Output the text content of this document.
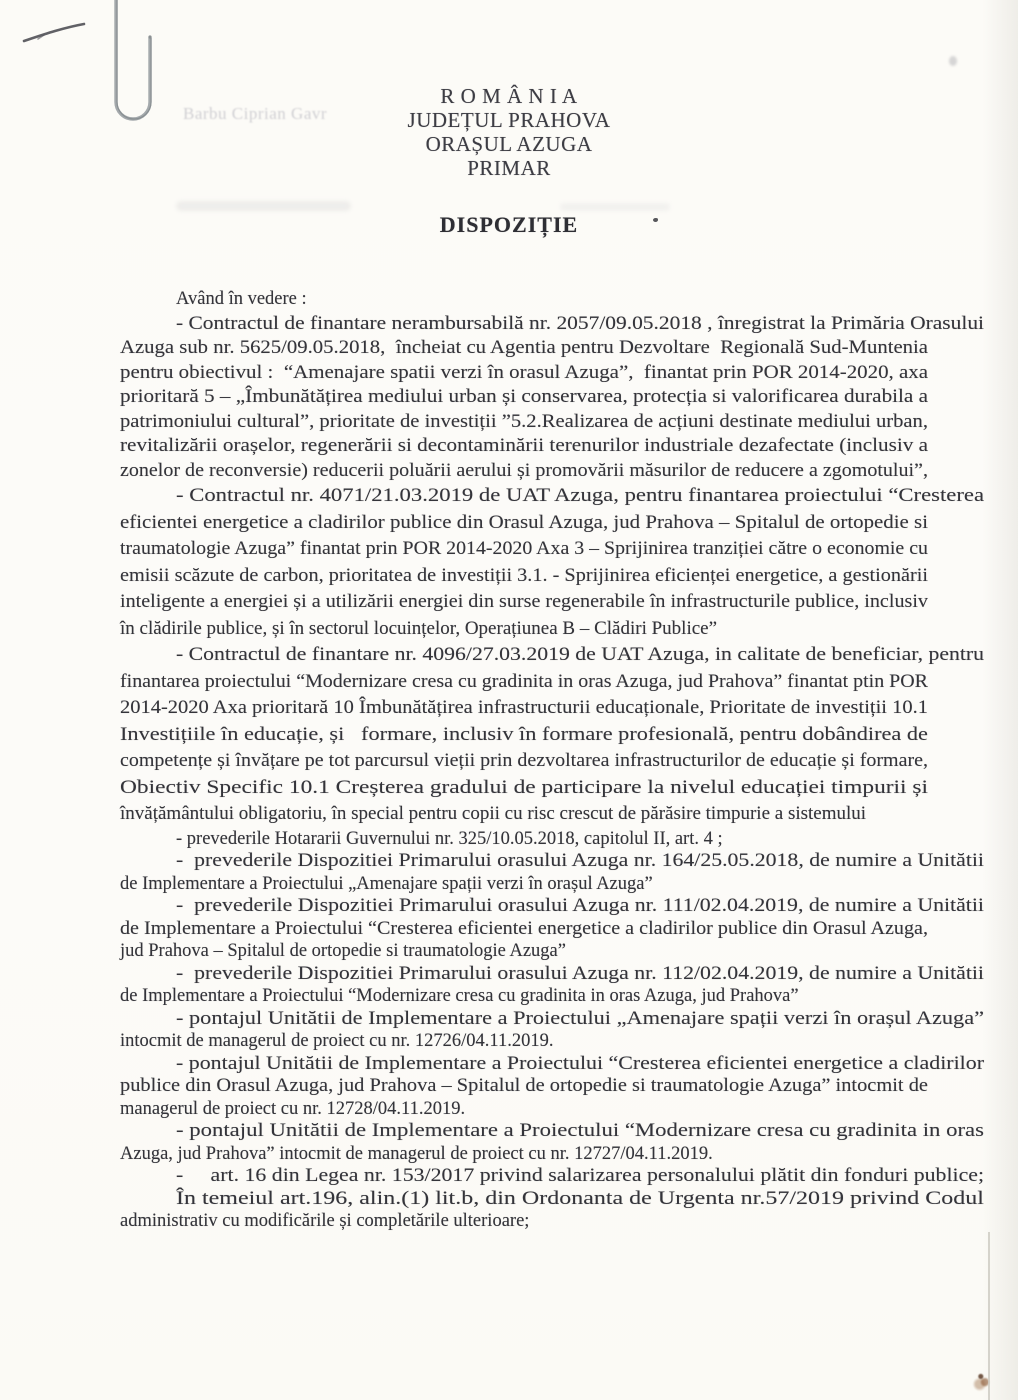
Barbu Ciprian Gavr
R O M Â N I A
JUDEȚUL PRAHOVA
ORAȘUL AZUGA
PRIMAR
DISPOZIȚIE
Având în vedere :
- Contractul de finantare nerambursabilă nr. 2057/09.05.2018 , înregistrat la Primăria Orasului
Azuga sub nr. 5625/09.05.2018,  încheiat cu Agentia pentru Dezvoltare  Regională Sud-Muntenia
pentru obiectivul :  “Amenajare spatii verzi în orasul Azuga”,  finantat prin POR 2014-2020, axa
prioritară 5 – „Îmbunătățirea mediului urban și conservarea, protecția si valorificarea durabila a
patrimoniului cultural”, prioritate de investiții ”5.2.Realizarea de acțiuni destinate mediului urban,
revitalizării orașelor, regenerării si decontaminării terenurilor industriale dezafectate (inclusiv a
zonelor de reconversie) reducerii poluării aerului și promovării măsurilor de reducere a zgomotului”,
- Contractul nr. 4071/21.03.2019 de UAT Azuga, pentru finantarea proiectului “Cresterea
eficientei energetice a cladirilor publice din Orasul Azuga, jud Prahova – Spitalul de ortopedie si
traumatologie Azuga” finantat prin POR 2014-2020 Axa 3 – Sprijinirea tranziției către o economie cu
emisii scăzute de carbon, prioritatea de investiții 3.1. - Sprijinirea eficienței energetice, a gestionării
inteligente a energiei și a utilizării energiei din surse regenerabile în infrastructurile publice, inclusiv
în clădirile publice, și în sectorul locuințelor, Operațiunea B – Clădiri Publice”
- Contractul de finantare nr. 4096/27.03.2019 de UAT Azuga, in calitate de beneficiar, pentru
finantarea proiectului “Modernizare cresa cu gradinita in oras Azuga, jud Prahova” finantat ptin POR
2014-2020 Axa prioritară 10 Îmbunătățirea infrastructurii educaționale, Prioritate de investiții 10.1
Investițiile în educație, și   formare, inclusiv în formare profesională, pentru dobândirea de
competențe și învățare pe tot parcursul vieții prin dezvoltarea infrastructurilor de educație și formare,
Obiectiv Specific 10.1 Creșterea gradului de participare la nivelul educației timpurii și
învățământului obligatoriu, în special pentru copii cu risc crescut de părăsire timpurie a sistemului
- prevederile Hotararii Guvernului nr. 325/10.05.2018, capitolul II, art. 4 ;
-  prevederile Dispozitiei Primarului orasului Azuga nr. 164/25.05.2018, de numire a Unitătii
de Implementare a Proiectului „Amenajare spații verzi în orașul Azuga”
-  prevederile Dispozitiei Primarului orasului Azuga nr. 111/02.04.2019, de numire a Unitătii
de Implementare a Proiectului “Cresterea eficientei energetice a cladirilor publice din Orasul Azuga,
jud Prahova – Spitalul de ortopedie si traumatologie Azuga”
-  prevederile Dispozitiei Primarului orasului Azuga nr. 112/02.04.2019, de numire a Unitătii
de Implementare a Proiectului “Modernizare cresa cu gradinita in oras Azuga, jud Prahova”
- pontajul Unitătii de Implementare a Proiectului „Amenajare spații verzi în orașul Azuga”
intocmit de managerul de proiect cu nr. 12726/04.11.2019.
- pontajul Unitătii de Implementare a Proiectului “Cresterea eficientei energetice a cladirilor
publice din Orasul Azuga, jud Prahova – Spitalul de ortopedie si traumatologie Azuga” intocmit de
managerul de proiect cu nr. 12728/04.11.2019.
- pontajul Unitătii de Implementare a Proiectului “Modernizare cresa cu gradinita in oras
Azuga, jud Prahova” intocmit de managerul de proiect cu nr. 12727/04.11.2019.
-     art. 16 din Legea nr. 153/2017 privind salarizarea personalului plătit din fonduri publice;
În temeiul art.196, alin.(1) lit.b, din Ordonanta de Urgenta nr.57/2019 privind Codul
administrativ cu modificările și completările ulterioare;
